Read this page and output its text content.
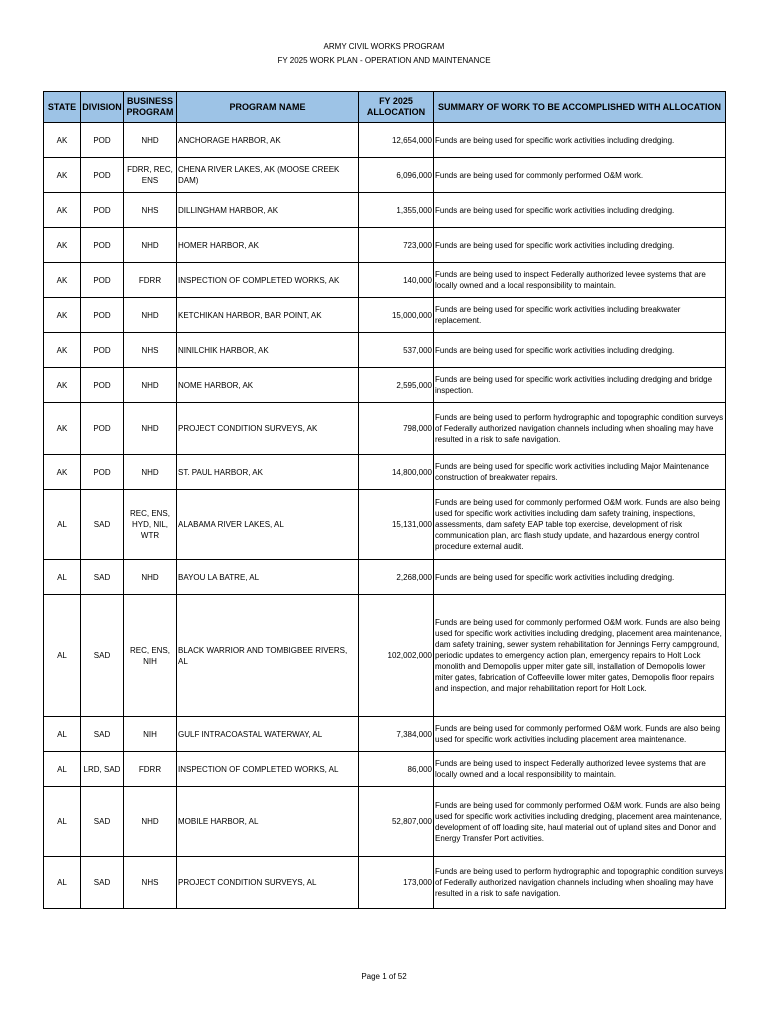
ARMY CIVIL WORKS PROGRAM
FY 2025 WORK PLAN - OPERATION AND MAINTENANCE
STATE	DIVISION	BUSINESS PROGRAM	PROGRAM NAME	FY 2025 ALLOCATION	SUMMARY OF WORK TO BE ACCOMPLISHED WITH ALLOCATION
AK	POD	NHD	ANCHORAGE HARBOR, AK	12,654,000	Funds are being used for specific work activities including dredging.
AK	POD	FDRR, REC, ENS	CHENA RIVER LAKES, AK (MOOSE CREEK DAM)	6,096,000	Funds are being used for commonly performed O&M work.
AK	POD	NHS	DILLINGHAM HARBOR, AK	1,355,000	Funds are being used for specific work activities including dredging.
AK	POD	NHD	HOMER HARBOR, AK	723,000	Funds are being used for specific work activities including dredging.
AK	POD	FDRR	INSPECTION OF COMPLETED WORKS, AK	140,000	Funds are being used to inspect Federally authorized levee systems that are locally owned and a local responsibility to maintain.
AK	POD	NHD	KETCHIKAN HARBOR, BAR POINT, AK	15,000,000	Funds are being used for specific work activities including breakwater replacement.
AK	POD	NHS	NINILCHIK HARBOR, AK	537,000	Funds are being used for specific work activities including dredging.
AK	POD	NHD	NOME HARBOR, AK	2,595,000	Funds are being used for specific work activities including dredging and bridge inspection.
AK	POD	NHD	PROJECT CONDITION SURVEYS, AK	798,000	Funds are being used to perform hydrographic and topographic condition surveys of Federally authorized navigation channels including when shoaling may have resulted in a risk to safe navigation.
AK	POD	NHD	ST. PAUL HARBOR, AK	14,800,000	Funds are being used for specific work activities including Major Maintenance construction of breakwater repairs.
AL	SAD	REC, ENS, HYD, NIL, WTR	ALABAMA RIVER LAKES, AL	15,131,000	Funds are being used for commonly performed O&M work. Funds are also being used for specific work activities including dam safety training, inspections, assessments, dam safety EAP table top exercise, development of risk communication plan, arc flash study update, and hazardous energy control procedure external audit.
AL	SAD	NHD	BAYOU LA BATRE, AL	2,268,000	Funds are being used for specific work activities including dredging.
AL	SAD	REC, ENS, NIH	BLACK WARRIOR AND TOMBIGBEE RIVERS, AL	102,002,000	Funds are being used for commonly performed O&M work. Funds are also being used for specific work activities including dredging, placement area maintenance, dam safety training, sewer system rehabilitation for Jennings Ferry campground, periodic updates to emergency action plan, emergency repairs to Holt Lock monolith and Demopolis upper miter gate sill, installation of Demopolis lower miter gates, fabrication of Coffeeville lower miter gates, Demopolis floor repairs and inspection, and major rehabilitation report for Holt Lock.
AL	SAD	NIH	GULF INTRACOASTAL WATERWAY, AL	7,384,000	Funds are being used for commonly performed O&M work. Funds are also being used for specific work activities including placement area maintenance.
AL	LRD, SAD	FDRR	INSPECTION OF COMPLETED WORKS, AL	86,000	Funds are being used to inspect Federally authorized levee systems that are locally owned and a local responsibility to maintain.
AL	SAD	NHD	MOBILE HARBOR, AL	52,807,000	Funds are being used for commonly performed O&M work. Funds are also being used for specific work activities including dredging, placement area maintenance, development of off loading site, haul material out of upland sites and Donor and Energy Transfer Port activities.
AL	SAD	NHS	PROJECT CONDITION SURVEYS, AL	173,000	Funds are being used to perform hydrographic and topographic condition surveys of Federally authorized navigation channels including when shoaling may have resulted in a risk to safe navigation.
Page 1 of 52
